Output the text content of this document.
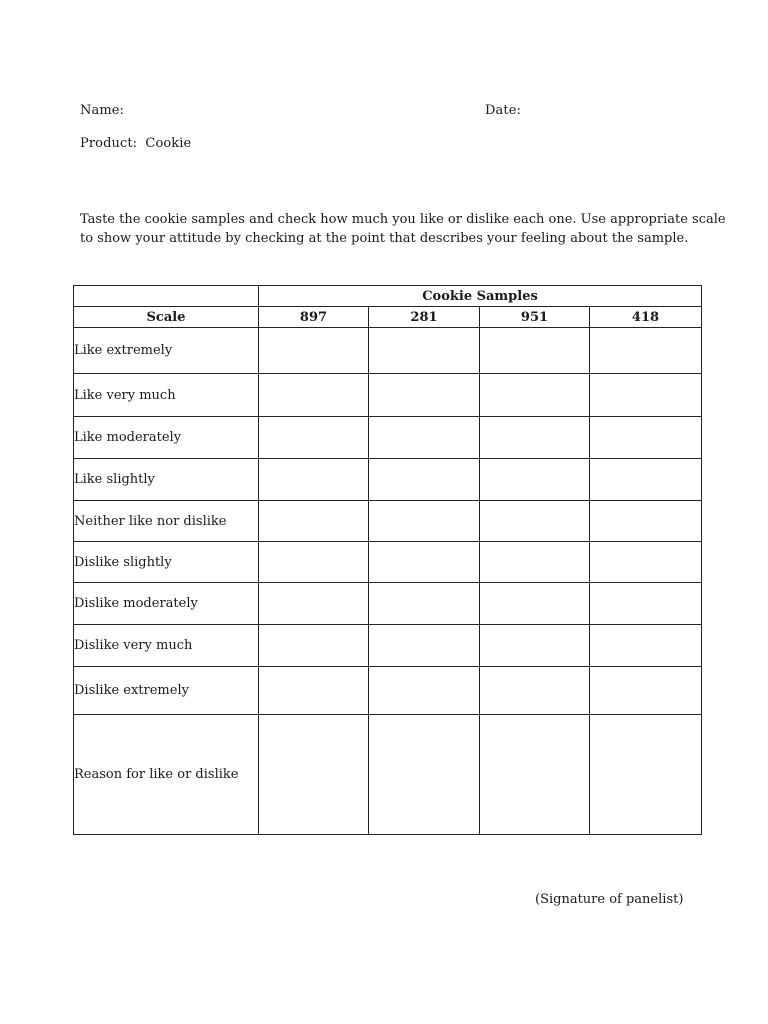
Name:	Date:
Product: Cookie
Taste the cookie samples and check how much you like or dislike each one. Use appropriate scale
to show your attitude by checking at the point that describes your feeling about the sample.
	Cookie Samples			
Scale	897	281	951	418
Like extremely				
Like very much				
Like moderately				
Like slightly				
Neither like nor dislike				
Dislike slightly				
Dislike moderately				
Dislike very much				
Dislike extremely				
Reason for like or dislike				
(Signature of panelist)
